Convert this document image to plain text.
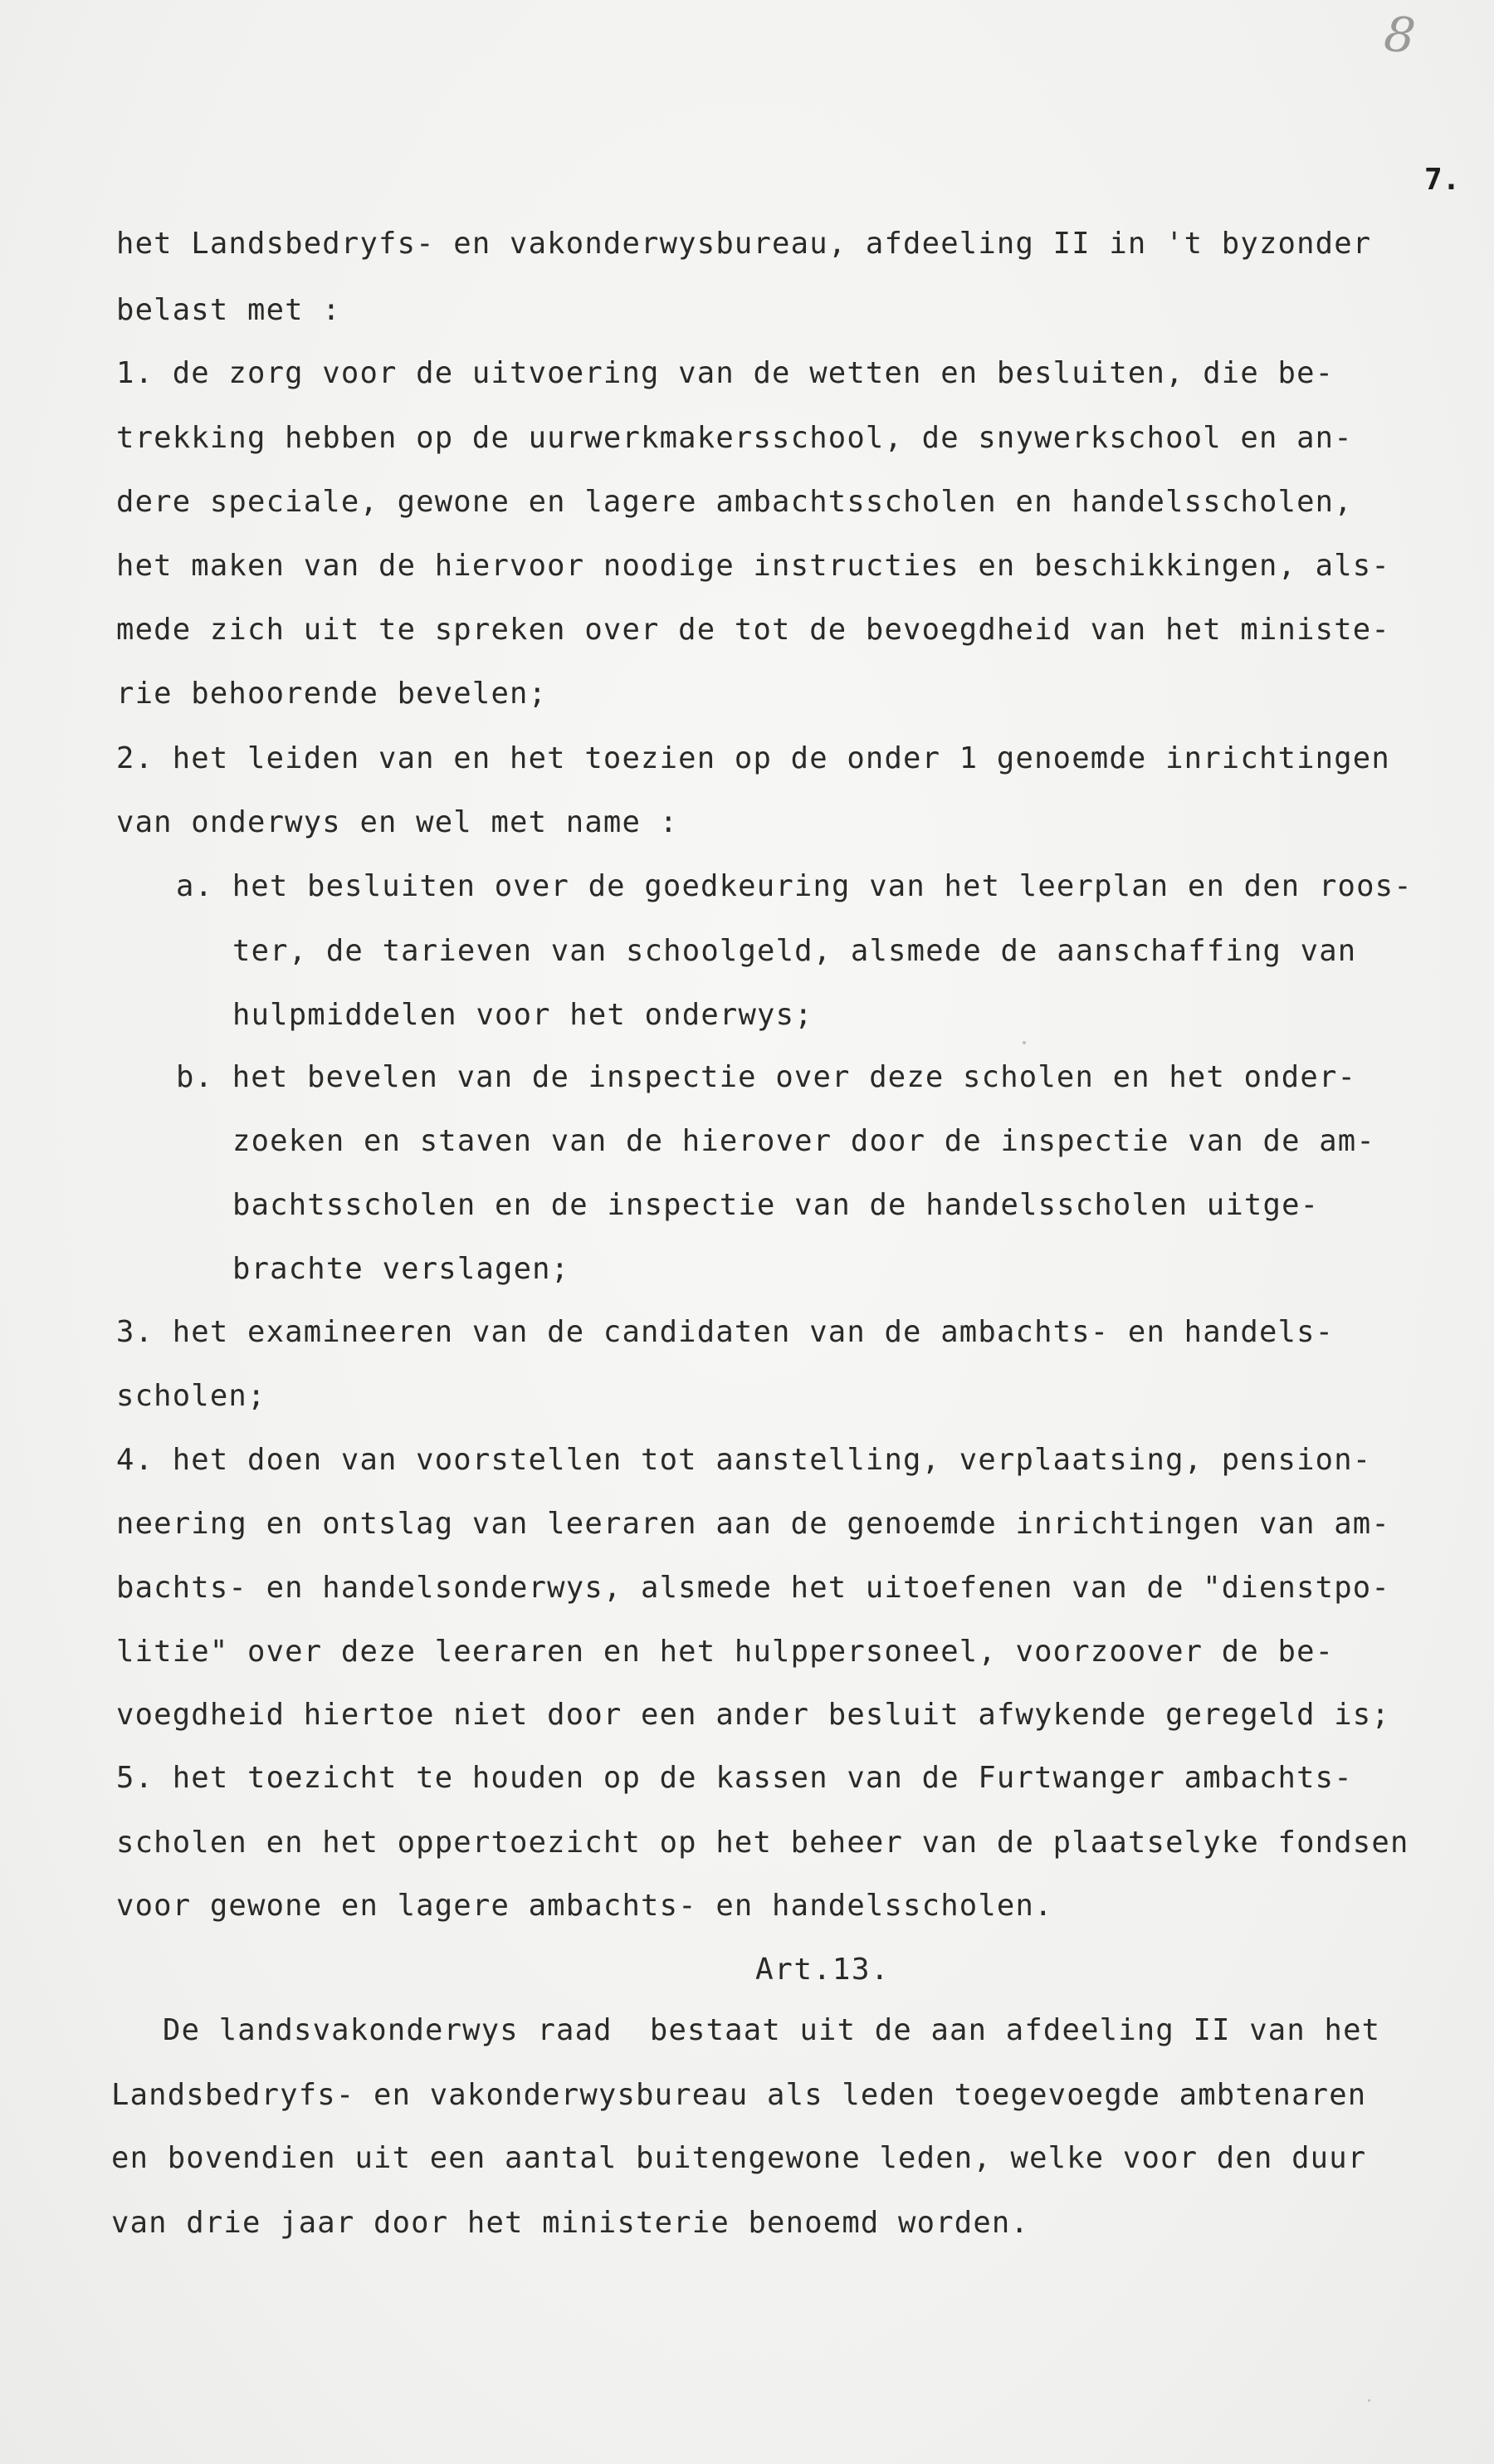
8
7.
het Landsbedryfs- en vakonderwysbureau, afdeeling II in 't byzonder
belast met :
1. de zorg voor de uitvoering van de wetten en besluiten, die be-
trekking hebben op de uurwerkmakersschool, de snywerkschool en an-
dere speciale, gewone en lagere ambachtsscholen en handelsscholen,
het maken van de hiervoor noodige instructies en beschikkingen, als-
mede zich uit te spreken over de tot de bevoegdheid van het ministe-
rie behoorende bevelen;
2. het leiden van en het toezien op de onder 1 genoemde inrichtingen
van onderwys en wel met name :
a. het besluiten over de goedkeuring van het leerplan en den roos-
ter, de tarieven van schoolgeld, alsmede de aanschaffing van
hulpmiddelen voor het onderwys;
b. het bevelen van de inspectie over deze scholen en het onder-
zoeken en staven van de hierover door de inspectie van de am-
bachtsscholen en de inspectie van de handelsscholen uitge-
brachte verslagen;
3. het examineeren van de candidaten van de ambachts- en handels-
scholen;
4. het doen van voorstellen tot aanstelling, verplaatsing, pension-
neering en ontslag van leeraren aan de genoemde inrichtingen van am-
bachts- en handelsonderwys, alsmede het uitoefenen van de "dienstpo-
litie" over deze leeraren en het hulppersoneel, voorzoover de be-
voegdheid hiertoe niet door een ander besluit afwykende geregeld is;
5. het toezicht te houden op de kassen van de Furtwanger ambachts-
scholen en het oppertoezicht op het beheer van de plaatselyke fondsen
voor gewone en lagere ambachts- en handelsscholen.
Art.13.
De landsvakonderwys raad  bestaat uit de aan afdeeling II van het
Landsbedryfs- en vakonderwysbureau als leden toegevoegde ambtenaren
en bovendien uit een aantal buitengewone leden, welke voor den duur
van drie jaar door het ministerie benoemd worden.
